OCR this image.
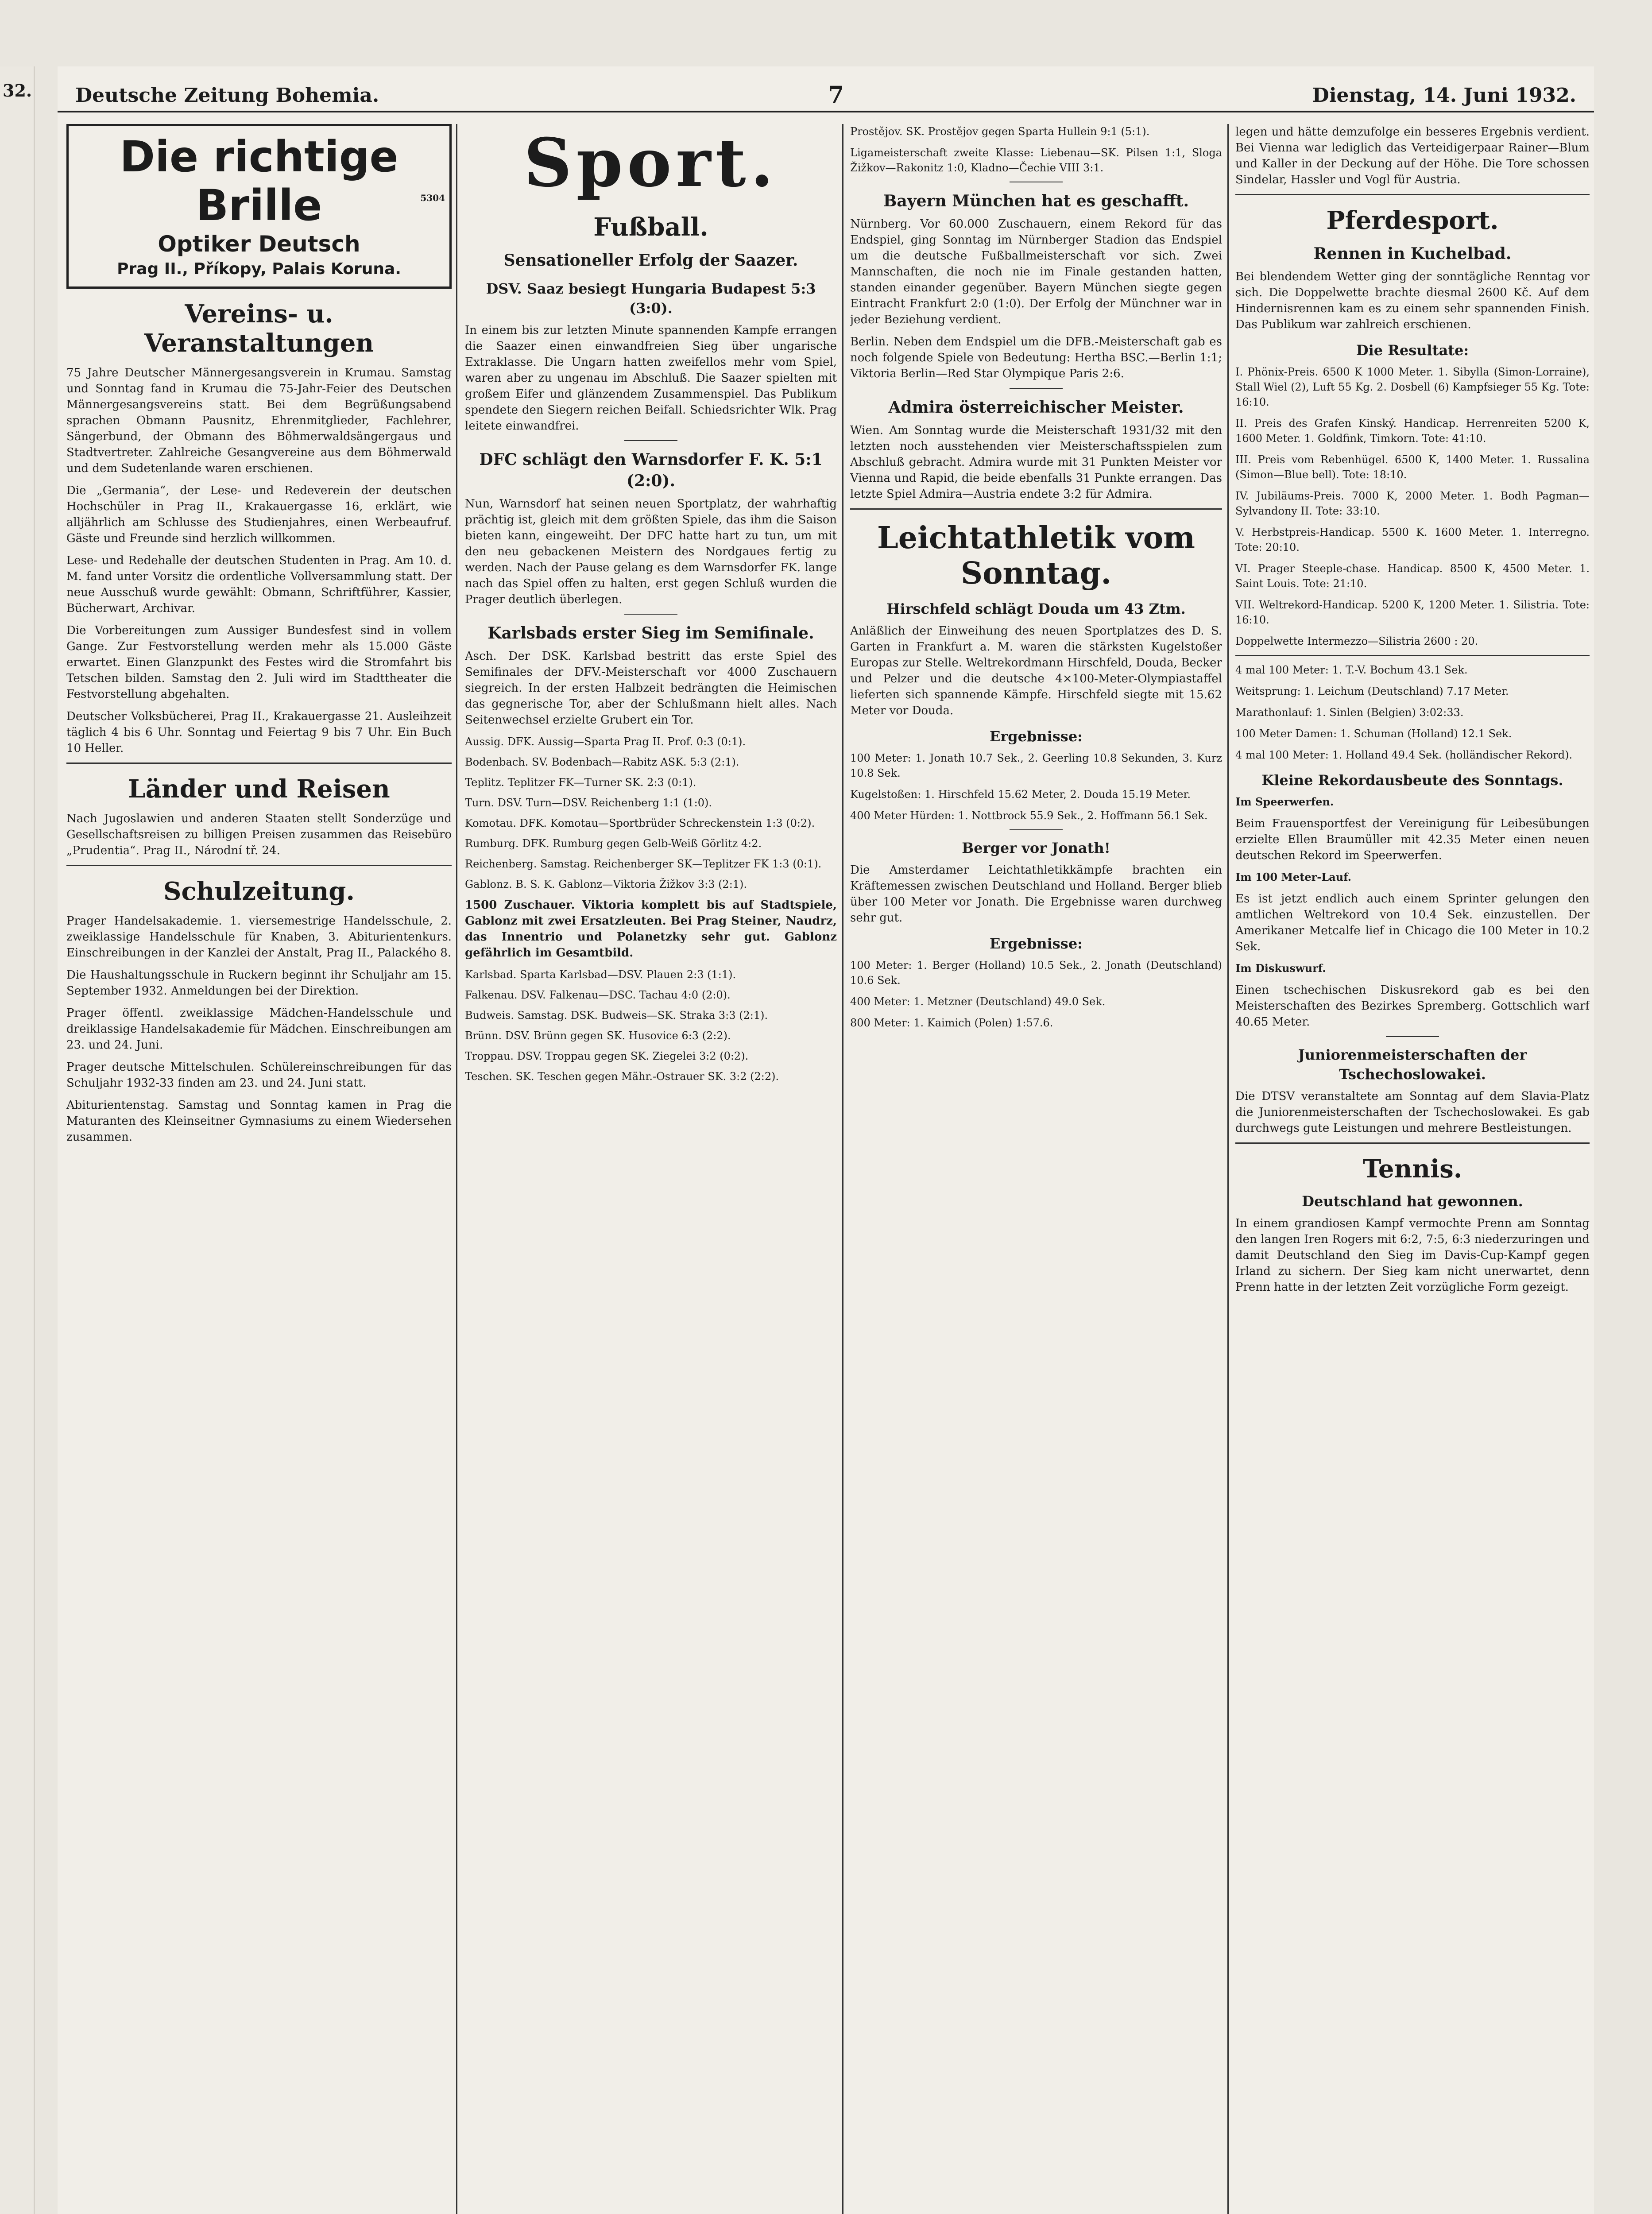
32. Deutsche Zeitung Bohemia.	7	Dienstag, 14. Juni 1932.
Die richtige Brille
Optiker Deutsch
Prag II., Příkopy, Palais Koruna.
5304
Vereins- u. Veranstaltungen

75 Jahre Deutscher Männergesangsverein in Krumau. Samstag und Sonntag fand in Krumau die 75-Jahr-Feier des Deutschen Männergesangsvereins statt. Bei dem Begrüßungsabend sprachen Obmann Pausnitz, Ehrenmitglieder, Fachlehrer, Sängerbund, der Obmann des Böhmerwaldsängergaus und Stadtvertreter. Zahlreiche Gesangvereine aus dem Böhmerwald und dem Sudetenlande waren erschienen.

Die „Germania“, der Lese- und Redeverein der deutschen Hochschüler in Prag II., Krakauergasse 16, erklärt, wie alljährlich am Schlusse des Studienjahres, einen Werbeaufruf. Gäste und Freunde sind herzlich willkommen.

Lese- und Redehalle der deutschen Studenten in Prag. Am 10. d. M. fand unter Vorsitz die ordentliche Vollversammlung statt. Der neue Ausschuß wurde gewählt: Obmann, Schriftführer, Kassier, Bücherwart, Archivar.

Die Vorbereitungen zum Aussiger Bundesfest sind in vollem Gange. Zur Festvorstellung werden mehr als 15.000 Gäste erwartet. Einen Glanzpunkt des Festes wird die Stromfahrt bis Tetschen bilden. Samstag den 2. Juli wird im Stadttheater die Festvorstellung abgehalten.

Deutscher Volksbücherei, Prag II., Krakauergasse 21. Ausleihzeit täglich 4 bis 6 Uhr. Sonntag und Feiertag 9 bis 7 Uhr. Ein Buch 10 Heller.

Länder und Reisen

Nach Jugoslawien und anderen Staaten stellt Sonderzüge und Gesellschaftsreisen zu billigen Preisen zusammen das Reisebüro „Prudentia“. Prag II., Národní tř. 24.

Schulzeitung.

Prager Handelsakademie. 1. viersemestrige Handelsschule, 2. zweiklassige Handelsschule für Knaben, 3. Abiturientenkurs. Einschreibungen in der Kanzlei der Anstalt, Prag II., Palackého 8.

Die Haushaltungsschule in Ruckern beginnt ihr Schuljahr am 15. September 1932. Anmeldungen bei der Direktion.

Prager öffentl. zweiklassige Mädchen-Handelsschule und dreiklassige Handelsakademie für Mädchen. Einschreibungen am 23. und 24. Juni.

Prager deutsche Mittelschulen. Schülereinschreibungen für das Schuljahr 1932-33 finden am 23. und 24. Juni statt.

Abiturientenstag. Samstag und Sonntag kamen in Prag die Maturanten des Kleinseitner Gymnasiums zu einem Wiedersehen zusammen.

Sport.
Fußball.
Sensationeller Erfolg der Saazer.
DSV. Saaz besiegt Hungaria Budapest 5:3 (3:0).

In einem bis zur letzten Minute spannenden Kampfe errangen die Saazer einen einwandfreien Sieg über ungarische Extraklasse. Die Ungarn hatten zweifellos mehr vom Spiel, waren aber zu ungenau im Abschluß. Die Saazer spielten mit großem Eifer und glänzendem Zusammenspiel. Das Publikum spendete den Siegern reichen Beifall. Schiedsrichter Wlk. Prag leitete einwandfrei.

DFC schlägt den Warnsdorfer F. K. 5:1 (2:0).

Nun, Warnsdorf hat seinen neuen Sportplatz, der wahrhaftig prächtig ist, gleich mit dem größten Spiele, das ihm die Saison bieten kann, eingeweiht. Der DFC hatte hart zu tun, um mit den neu gebackenen Meistern des Nordgaues fertig zu werden. Nach der Pause gelang es dem Warnsdorfer FK. lange nach das Spiel offen zu halten, erst gegen Schluß wurden die Prager deutlich überlegen.

Karlsbads erster Sieg im Semifinale.

Asch. Der DSK. Karlsbad bestritt das erste Spiel des Semifinales der DFV.-Meisterschaft vor 4000 Zuschauern siegreich. In der ersten Halbzeit bedrängten die Heimischen das gegnerische Tor, aber der Schlußmann hielt alles. Nach Seitenwechsel erzielte Grubert ein Tor.

Aussig. DFK. Aussig—Sparta Prag II. Prof. 0:3 (0:1).

Bodenbach. SV. Bodenbach—Rabitz ASK. 5:3 (2:1).

Teplitz. Teplitzer FK—Turner SK. 2:3 (0:1).

Turn. DSV. Turn—DSV. Reichenberg 1:1 (1:0).

Komotau. DFK. Komotau—Sportbrüder Schreckenstein 1:3 (0:2).

Rumburg. DFK. Rumburg gegen Gelb-Weiß Görlitz 4:2.

Reichenberg. Samstag. Reichenberger SK—Teplitzer FK 1:3 (0:1).

Gablonz. B. S. K. Gablonz—Viktoria Žižkov 3:3 (2:1).

1500 Zuschauer. Viktoria komplett bis auf Stadtspiele, Gablonz mit zwei Ersatzleuten. Bei Prag Steiner, Naudrz, das Innentrio und Polanetzky sehr gut. Gablonz gefährlich im Gesamtbild.

Karlsbad. Sparta Karlsbad—DSV. Plauen 2:3 (1:1).

Falkenau. DSV. Falkenau—DSC. Tachau 4:0 (2:0).

Budweis. Samstag. DSK. Budweis—SK. Straka 3:3 (2:1).

Brünn. DSV. Brünn gegen SK. Husovice 6:3 (2:2).

Troppau. DSV. Troppau gegen SK. Ziegelei 3:2 (0:2).

Teschen. SK. Teschen gegen Mähr.-Ostrauer SK. 3:2 (2:2).

Prostějov. SK. Prostějov gegen Sparta Hullein 9:1 (5:1).

Ligameisterschaft zweite Klasse: Liebenau—SK. Pilsen 1:1, Sloga Žižkov—Rakonitz 1:0, Kladno—Čechie VIII 3:1.

Bayern München hat es geschafft.

Nürnberg. Vor 60.000 Zuschauern, einem Rekord für das Endspiel, ging Sonntag im Nürnberger Stadion das Endspiel um die deutsche Fußballmeisterschaft vor sich. Zwei Mannschaften, die noch nie im Finale gestanden hatten, standen einander gegenüber. Bayern München siegte gegen Eintracht Frankfurt 2:0 (1:0). Der Erfolg der Münchner war in jeder Beziehung verdient.

Berlin. Neben dem Endspiel um die DFB.-Meisterschaft gab es noch folgende Spiele von Bedeutung: Hertha BSC.—Berlin 1:1; Viktoria Berlin—Red Star Olympique Paris 2:6.

Admira österreichischer Meister.

Wien. Am Sonntag wurde die Meisterschaft 1931/32 mit den letzten noch ausstehenden vier Meisterschaftsspielen zum Abschluß gebracht. Admira wurde mit 31 Punkten Meister vor Vienna und Rapid, die beide ebenfalls 31 Punkte errangen. Das letzte Spiel Admira—Austria endete 3:2 für Admira.

Leichtathletik vom Sonntag.
Hirschfeld schlägt Douda um 43 Ztm.

Anläßlich der Einweihung des neuen Sportplatzes des D. S. Garten in Frankfurt a. M. waren die stärksten Kugelstoßer Europas zur Stelle. Weltrekordmann Hirschfeld, Douda, Becker und Pelzer und die deutsche 4×100-Meter-Olympiastaffel lieferten sich spannende Kämpfe. Hirschfeld siegte mit 15.62 Meter vor Douda.

Ergebnisse:

100 Meter: 1. Jonath 10.7 Sek., 2. Geerling 10.8 Sekunden, 3. Kurz 10.8 Sek.

Kugelstoßen: 1. Hirschfeld 15.62 Meter, 2. Douda 15.19 Meter.

400 Meter Hürden: 1. Nottbrock 55.9 Sek., 2. Hoffmann 56.1 Sek.

Berger vor Jonath!

Die Amsterdamer Leichtathletikkämpfe brachten ein Kräftemessen zwischen Deutschland und Holland. Berger blieb über 100 Meter vor Jonath. Die Ergebnisse waren durchweg sehr gut.

Ergebnisse:

100 Meter: 1. Berger (Holland) 10.5 Sek., 2. Jonath (Deutschland) 10.6 Sek.

400 Meter: 1. Metzner (Deutschland) 49.0 Sek.

800 Meter: 1. Kaimich (Polen) 1:57.6.

legen und hätte demzufolge ein besseres Ergebnis verdient. Bei Vienna war lediglich das Verteidigerpaar Rainer—Blum und Kaller in der Deckung auf der Höhe. Die Tore schossen Sindelar, Hassler und Vogl für Austria.

Pferdesport.
Rennen in Kuchelbad.

Bei blendendem Wetter ging der sonntägliche Renntag vor sich. Die Doppelwette brachte diesmal 2600 Kč. Auf dem Hindernisrennen kam es zu einem sehr spannenden Finish. Das Publikum war zahlreich erschienen.

Die Resultate:

I. Phönix-Preis. 6500 K 1000 Meter. 1. Sibylla (Simon-Lorraine), Stall Wiel (2), Luft 55 Kg. 2. Dosbell (6) Kampfsieger 55 Kg. Tote: 16:10.

II. Preis des Grafen Kinský. Handicap. Herrenreiten 5200 K, 1600 Meter. 1. Goldfink, Timkorn. Tote: 41:10.

III. Preis vom Rebenhügel. 6500 K, 1400 Meter. 1. Russalina (Simon—Blue bell). Tote: 18:10.

IV. Jubiläums-Preis. 7000 K, 2000 Meter. 1. Bodh Pagman—Sylvandony II. Tote: 33:10.

V. Herbstpreis-Handicap. 5500 K. 1600 Meter. 1. Interregno. Tote: 20:10.

VI. Prager Steeple-chase. Handicap. 8500 K, 4500 Meter. 1. Saint Louis. Tote: 21:10.

VII. Weltrekord-Handicap. 5200 K, 1200 Meter. 1. Silistria. Tote: 16:10.

Doppelwette Intermezzo—Silistria 2600 : 20.

4 mal 100 Meter: 1. T.-V. Bochum 43.1 Sek.

Weitsprung: 1. Leichum (Deutschland) 7.17 Meter.

Marathonlauf: 1. Sinlen (Belgien) 3:02:33.

100 Meter Damen: 1. Schuman (Holland) 12.1 Sek.

4 mal 100 Meter: 1. Holland 49.4 Sek. (holländischer Rekord).

Kleine Rekordausbeute des Sonntags.

Im Speerwerfen.

Beim Frauensportfest der Vereinigung für Leibesübungen erzielte Ellen Braumüller mit 42.35 Meter einen neuen deutschen Rekord im Speerwerfen.

Im 100 Meter-Lauf.

Es ist jetzt endlich auch einem Sprinter gelungen den amtlichen Weltrekord von 10.4 Sek. einzustellen. Der Amerikaner Metcalfe lief in Chicago die 100 Meter in 10.2 Sek.

Im Diskuswurf.

Einen tschechischen Diskusrekord gab es bei den Meisterschaften des Bezirkes Spremberg. Gottschlich warf 40.65 Meter.

Juniorenmeisterschaften der Tschechoslowakei.

Die DTSV veranstaltete am Sonntag auf dem Slavia-Platz die Juniorenmeisterschaften der Tschechoslowakei. Es gab durchwegs gute Leistungen und mehrere Bestleistungen.

Tennis.
Deutschland hat gewonnen.

In einem grandiosen Kampf vermochte Prenn am Sonntag den langen Iren Rogers mit 6:2, 7:5, 6:3 niederzuringen und damit Deutschland den Sieg im Davis-Cup-Kampf gegen Irland zu sichern. Der Sieg kam nicht unerwartet, denn Prenn hatte in der letzten Zeit vorzügliche Form gezeigt.
